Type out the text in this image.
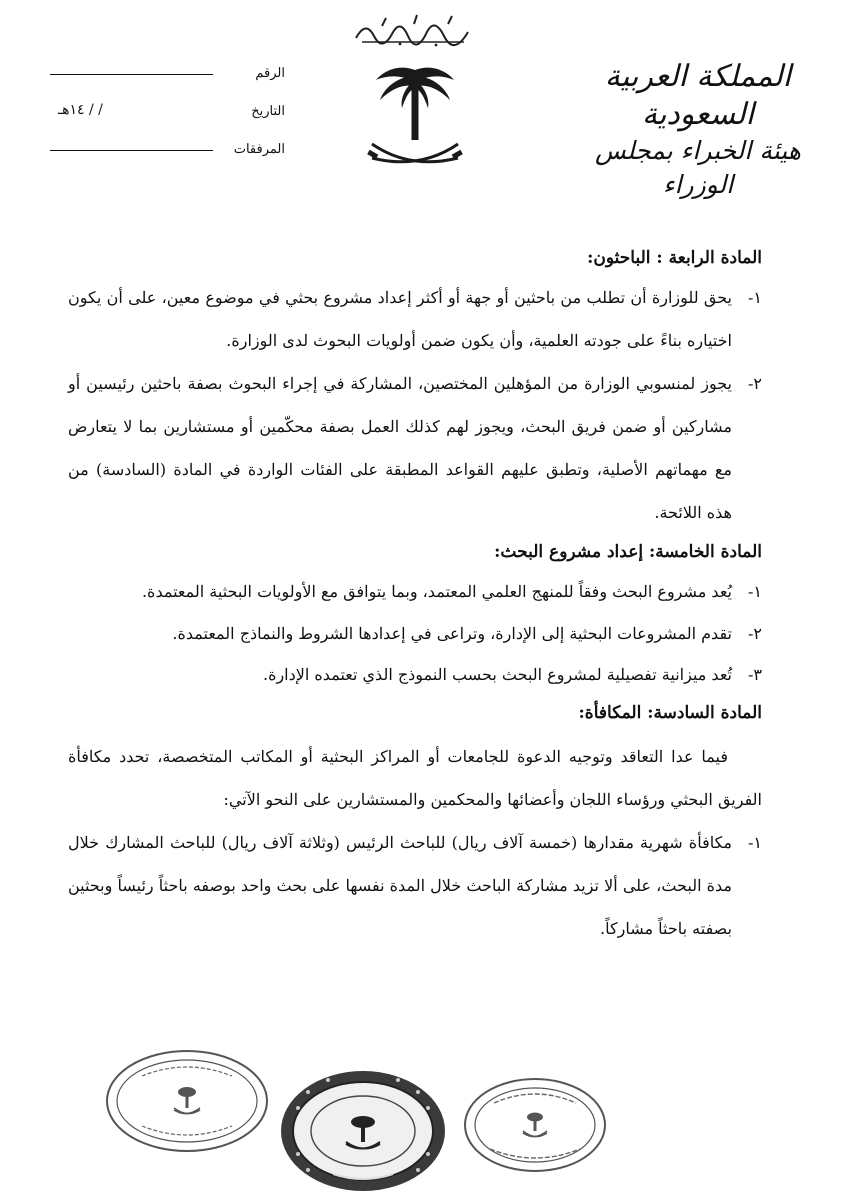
المملكة العربية السعودية
هيئة الخبراء بمجلس الوزراء
الرقم
التاريخ
/ / ١٤هـ
المرفقات

المادة الرابعة : الباحثون:

١-
يحق للوزارة أن تطلب من باحثين أو جهة أو أكثر إعداد مشروع بحثي في موضوع معين، على أن يكون اختياره بناءً على جودته العلمية، وأن يكون ضمن أولويات البحوث لدى الوزارة.

٢-
يجوز لمنسوبي الوزارة من المؤهلين المختصين، المشاركة في إجراء البحوث بصفة باحثين رئيسين أو مشاركين أو ضمن فريق البحث، ويجوز لهم كذلك العمل بصفة محكّمين أو مستشارين بما لا يتعارض مع مهماتهم الأصلية، وتطبق عليهم القواعد المطبقة على الفئات الواردة في المادة (السادسة) من هذه اللائحة.

المادة الخامسة: إعداد مشروع البحث:

١-
يُعد مشروع البحث وفقاً للمنهج العلمي المعتمد، وبما يتوافق مع الأولويات البحثية المعتمدة.

٢-
تقدم المشروعات البحثية إلى الإدارة، وتراعى في إعدادها الشروط والنماذج المعتمدة.

٣-
تُعد ميزانية تفصيلية لمشروع البحث بحسب النموذج الذي تعتمده الإدارة.

المادة السادسة: المكافأة:

فيما عدا التعاقد وتوجيه الدعوة للجامعات أو المراكز البحثية أو المكاتب المتخصصة، تحدد مكافأة الفريق البحثي ورؤساء اللجان وأعضائها والمحكمين والمستشارين على النحو الآتي:

١-
مكافأة شهرية مقدارها (خمسة آلاف ريال) للباحث الرئيس (وثلاثة آلاف ريال) للباحث المشارك خلال مدة البحث، على ألا تزيد مشاركة الباحث خلال المدة نفسها على بحث واحد بوصفه باحثاً رئيساً وبحثين بصفته باحثاً مشاركاً.
